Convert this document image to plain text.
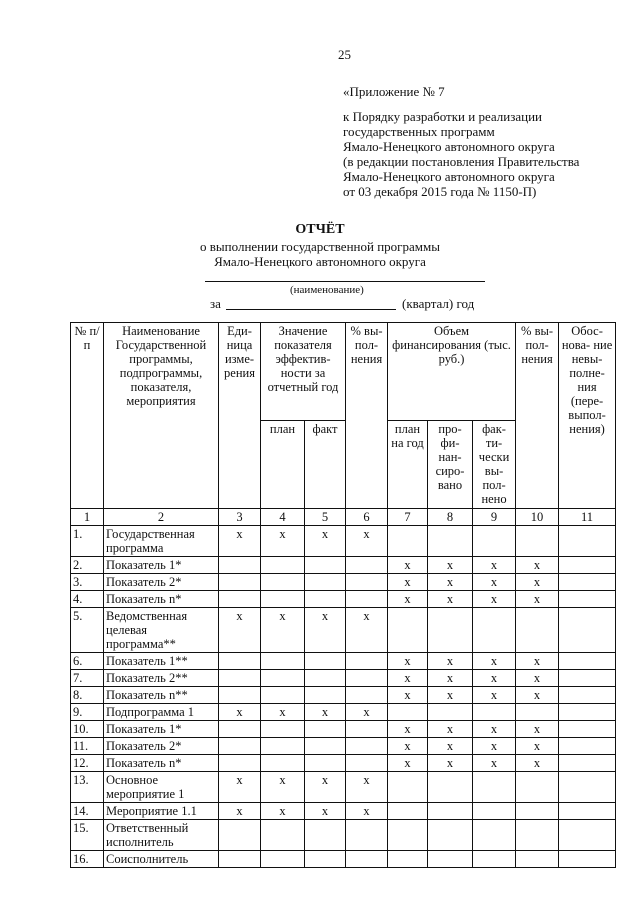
25
«Приложение № 7
к Порядку разработки и реализации
государственных программ
Ямало-Ненецкого автономного округа
(в редакции постановления Правительства
Ямало-Ненецкого автономного округа
от 03 декабря 2015 года № 1150-П)
ОТЧЁТ
о выполнении государственной программы
Ямало-Ненецкого автономного округа
(наименование)
за	(квартал) год
№ п/п	Наименование Государственной программы, подпрограммы, показателя, мероприятия	Еди- ница изме- рения	Значение показателя эффектив- ности за отчетный год		% вы- пол- нения	Объем финансирования (тыс. руб.)			% вы- пол- нения	Обос- нова- ние невы- полне- ния (пере- выпол- нения)
			план	факт		план на год	про- фи- нан- сиро- вано	фак- ти- чески вы- пол- нено		
1	2	3	4	5	6	7	8	9	10	11
1.	Государственная программа	x	x	x	x					
2.	Показатель 1*					x	x	x	x	
3.	Показатель 2*					x	x	x	x	
4.	Показатель n*					x	x	x	x	
5.	Ведомственная целевая программа**	x	x	x	x					
6.	Показатель 1**					x	x	x	x	
7.	Показатель 2**					x	x	x	x	
8.	Показатель n**					x	x	x	x	
9.	Подпрограмма 1	x	x	x	x					
10.	Показатель 1*					x	x	x	x	
11.	Показатель 2*					x	x	x	x	
12.	Показатель n*					x	x	x	x	
13.	Основное мероприятие 1	x	x	x	x					
14.	Мероприятие 1.1	x	x	x	x					
15.	Ответственный исполнитель									
16.	Соисполнитель									
